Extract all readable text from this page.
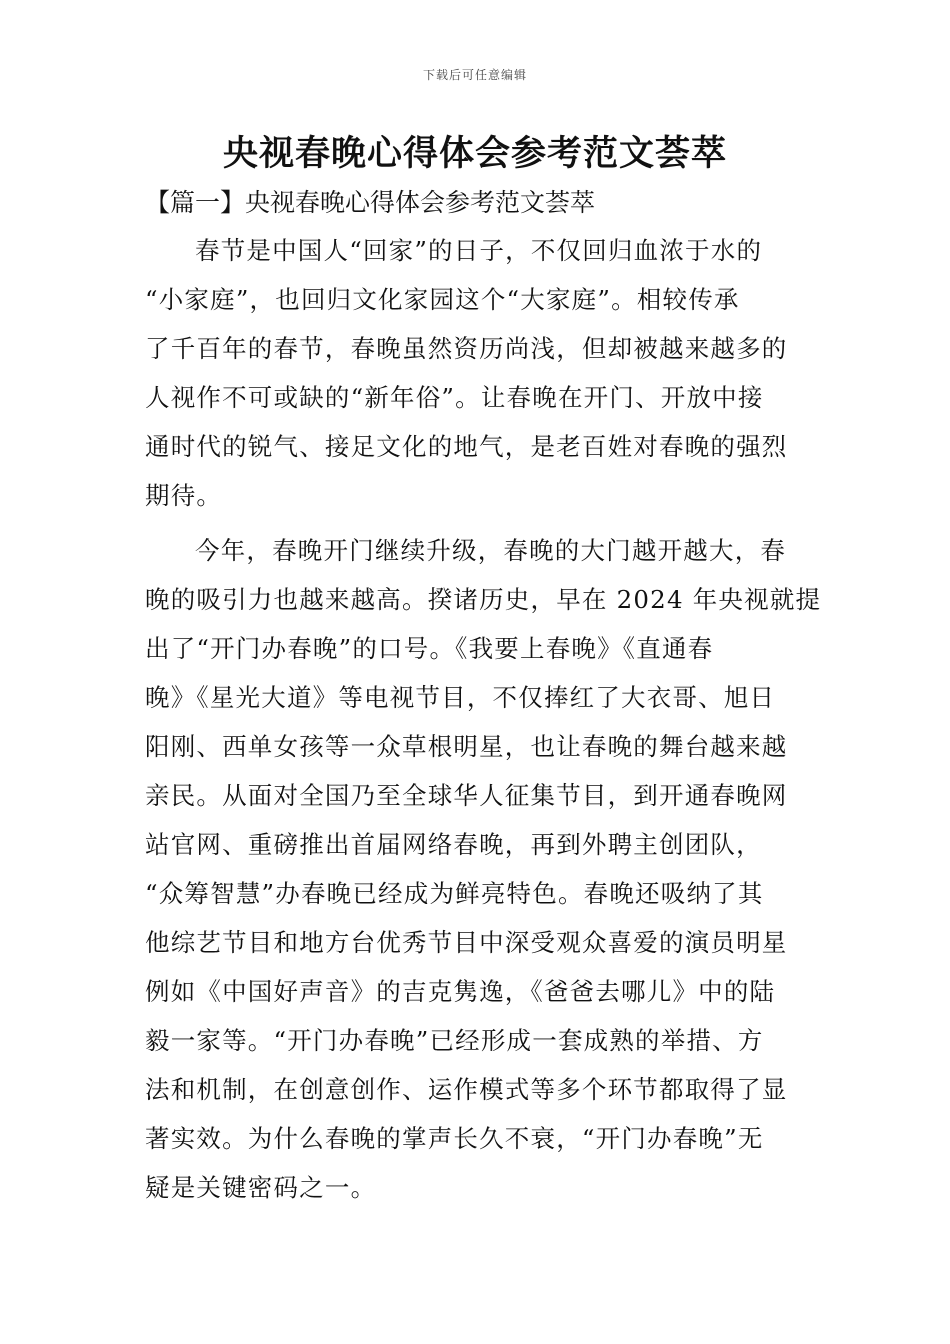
下载后可任意编辑
央视春晚心得体会参考范文荟萃
【篇一】央视春晚心得体会参考范文荟萃
春节是中国人“回家”的日子，不仅回归血浓于水的
“小家庭”，也回归文化家园这个“大家庭”。相较传承
了千百年的春节，春晚虽然资历尚浅，但却被越来越多的
人视作不可或缺的“新年俗”。让春晚在开门、开放中接
通时代的锐气、接足文化的地气，是老百姓对春晚的强烈
期待。
今年，春晚开门继续升级，春晚的大门越开越大，春
晚的吸引力也越来越高。揆诸历史，早在 2024 年央视就提
出了“开门办春晚”的口号。《我要上春晚》《直通春
晚》《星光大道》等电视节目，不仅捧红了大衣哥、旭日
阳刚、西单女孩等一众草根明星，也让春晚的舞台越来越
亲民。从面对全国乃至全球华人征集节目，到开通春晚网
站官网、重磅推出首届网络春晚，再到外聘主创团队，
“众筹智慧”办春晚已经成为鲜亮特色。春晚还吸纳了其
他综艺节目和地方台优秀节目中深受观众喜爱的演员明星
例如《中国好声音》的吉克隽逸，《爸爸去哪儿》中的陆
毅一家等。“开门办春晚”已经形成一套成熟的举措、方
法和机制，在创意创作、运作模式等多个环节都取得了显
著实效。为什么春晚的掌声长久不衰，“开门办春晚”无
疑是关键密码之一。
